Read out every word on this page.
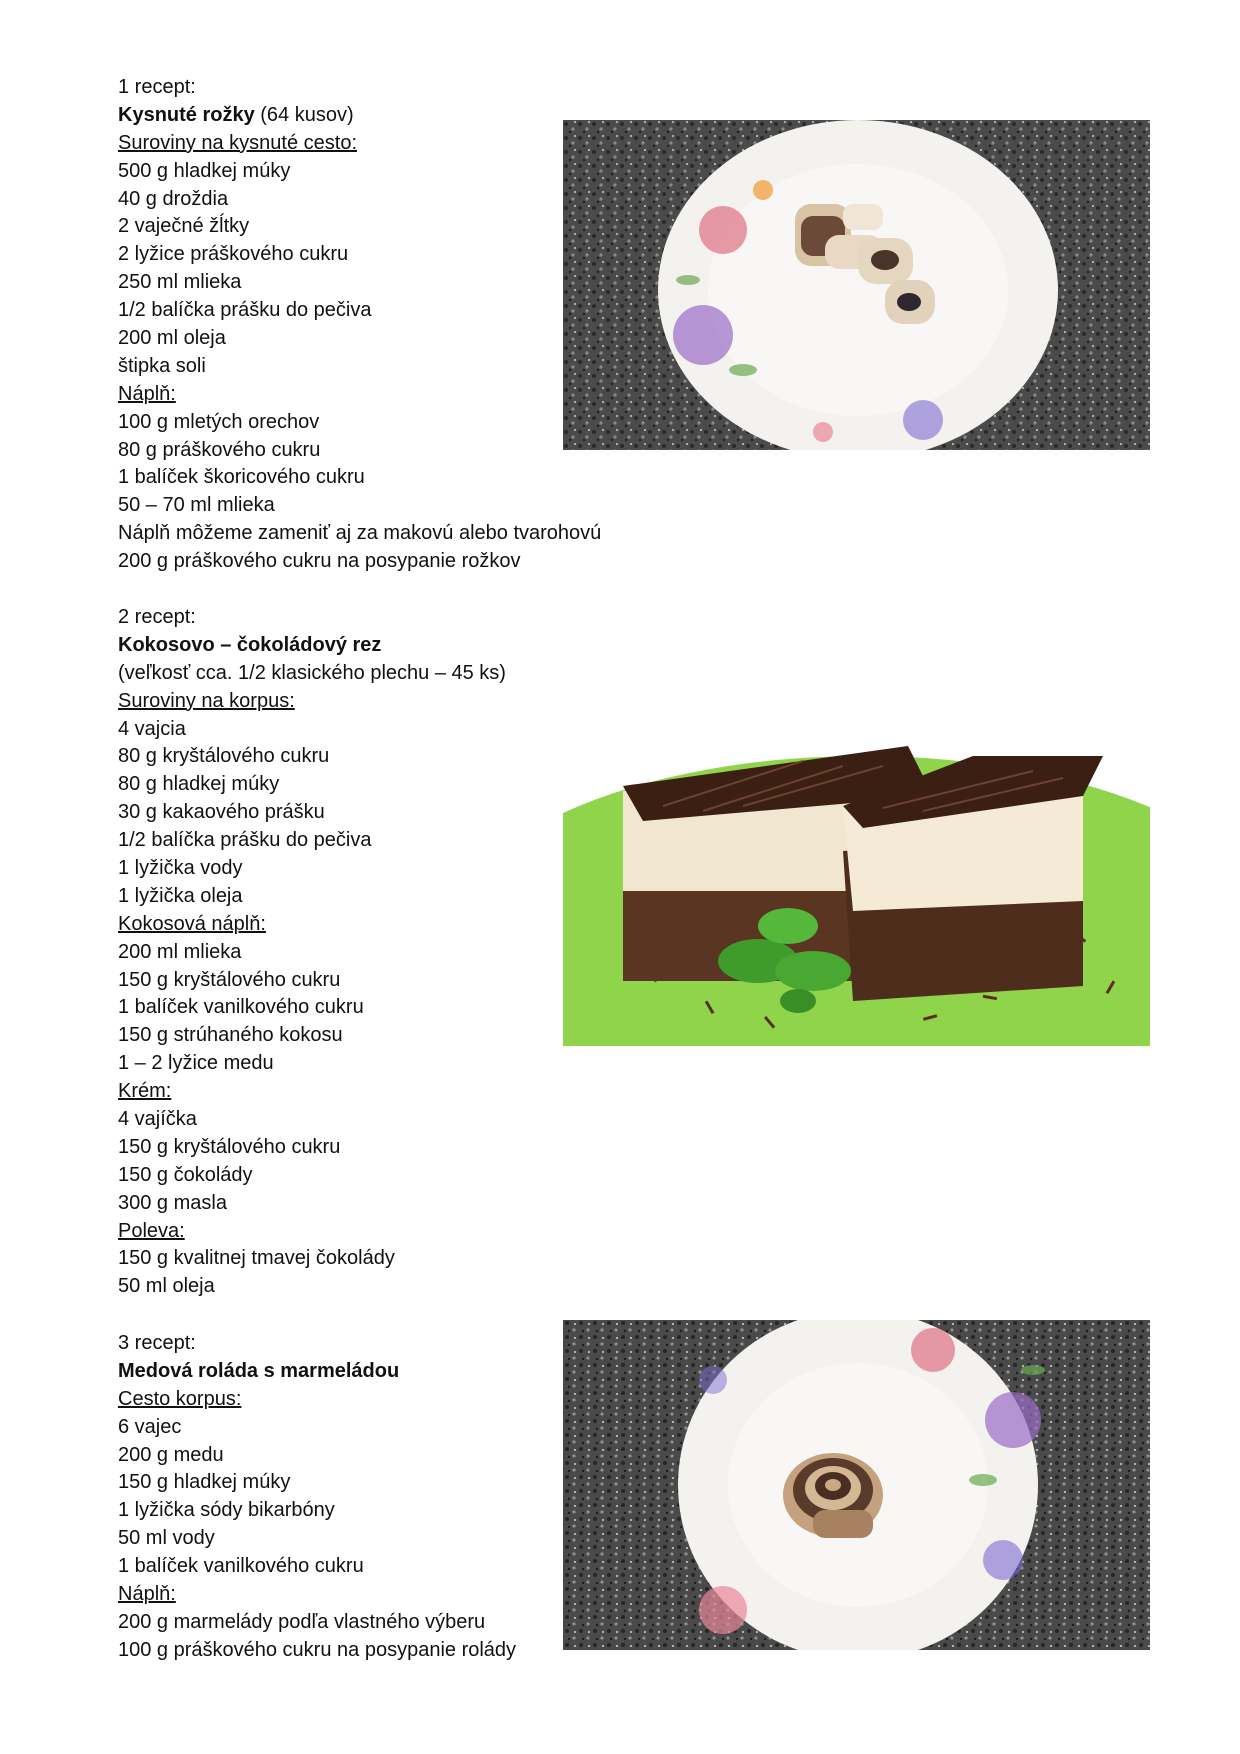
1 recept:
Kysnuté rožky (64 kusov)
Suroviny na kysnuté cesto:
500 g hladkej múky
40 g droždia
2 vaječné žĺtky
2 lyžice práškového cukru
250 ml mlieka
1/2 balíčka prášku do pečiva
200 ml oleja
štipka soli
Náplň:
100 g mletých orechov
80 g práškového cukru
1 balíček škoricového cukru
50 – 70 ml mlieka
Náplň môžeme zameniť aj za makovú alebo tvarohovú
200 g práškového cukru na posypanie rožkov
2 recept:
Kokosovo – čokoládový rez
(veľkosť cca. 1/2 klasického plechu – 45 ks)
Suroviny na korpus:
4 vajcia
80 g kryštálového cukru
80 g hladkej múky
30 g kakaového prášku
1/2 balíčka prášku do pečiva
1 lyžička vody
1 lyžička oleja
Kokosová náplň:
200 ml mlieka
150 g kryštálového cukru
1 balíček vanilkového cukru
150 g strúhaného kokosu
1 – 2 lyžice medu
Krém:
4 vajíčka
150 g kryštálového cukru
150 g čokolády
300 g masla
Poleva:
150 g kvalitnej tmavej čokolády
50 ml oleja
3 recept:
Medová roláda s marmeládou
Cesto korpus:
6 vajec
200 g medu
150 g hladkej múky
1 lyžička sódy bikarbóny
50 ml vody
1 balíček vanilkového cukru
Náplň:
200 g marmelády podľa vlastného výberu
100 g práškového cukru na posypanie rolády
